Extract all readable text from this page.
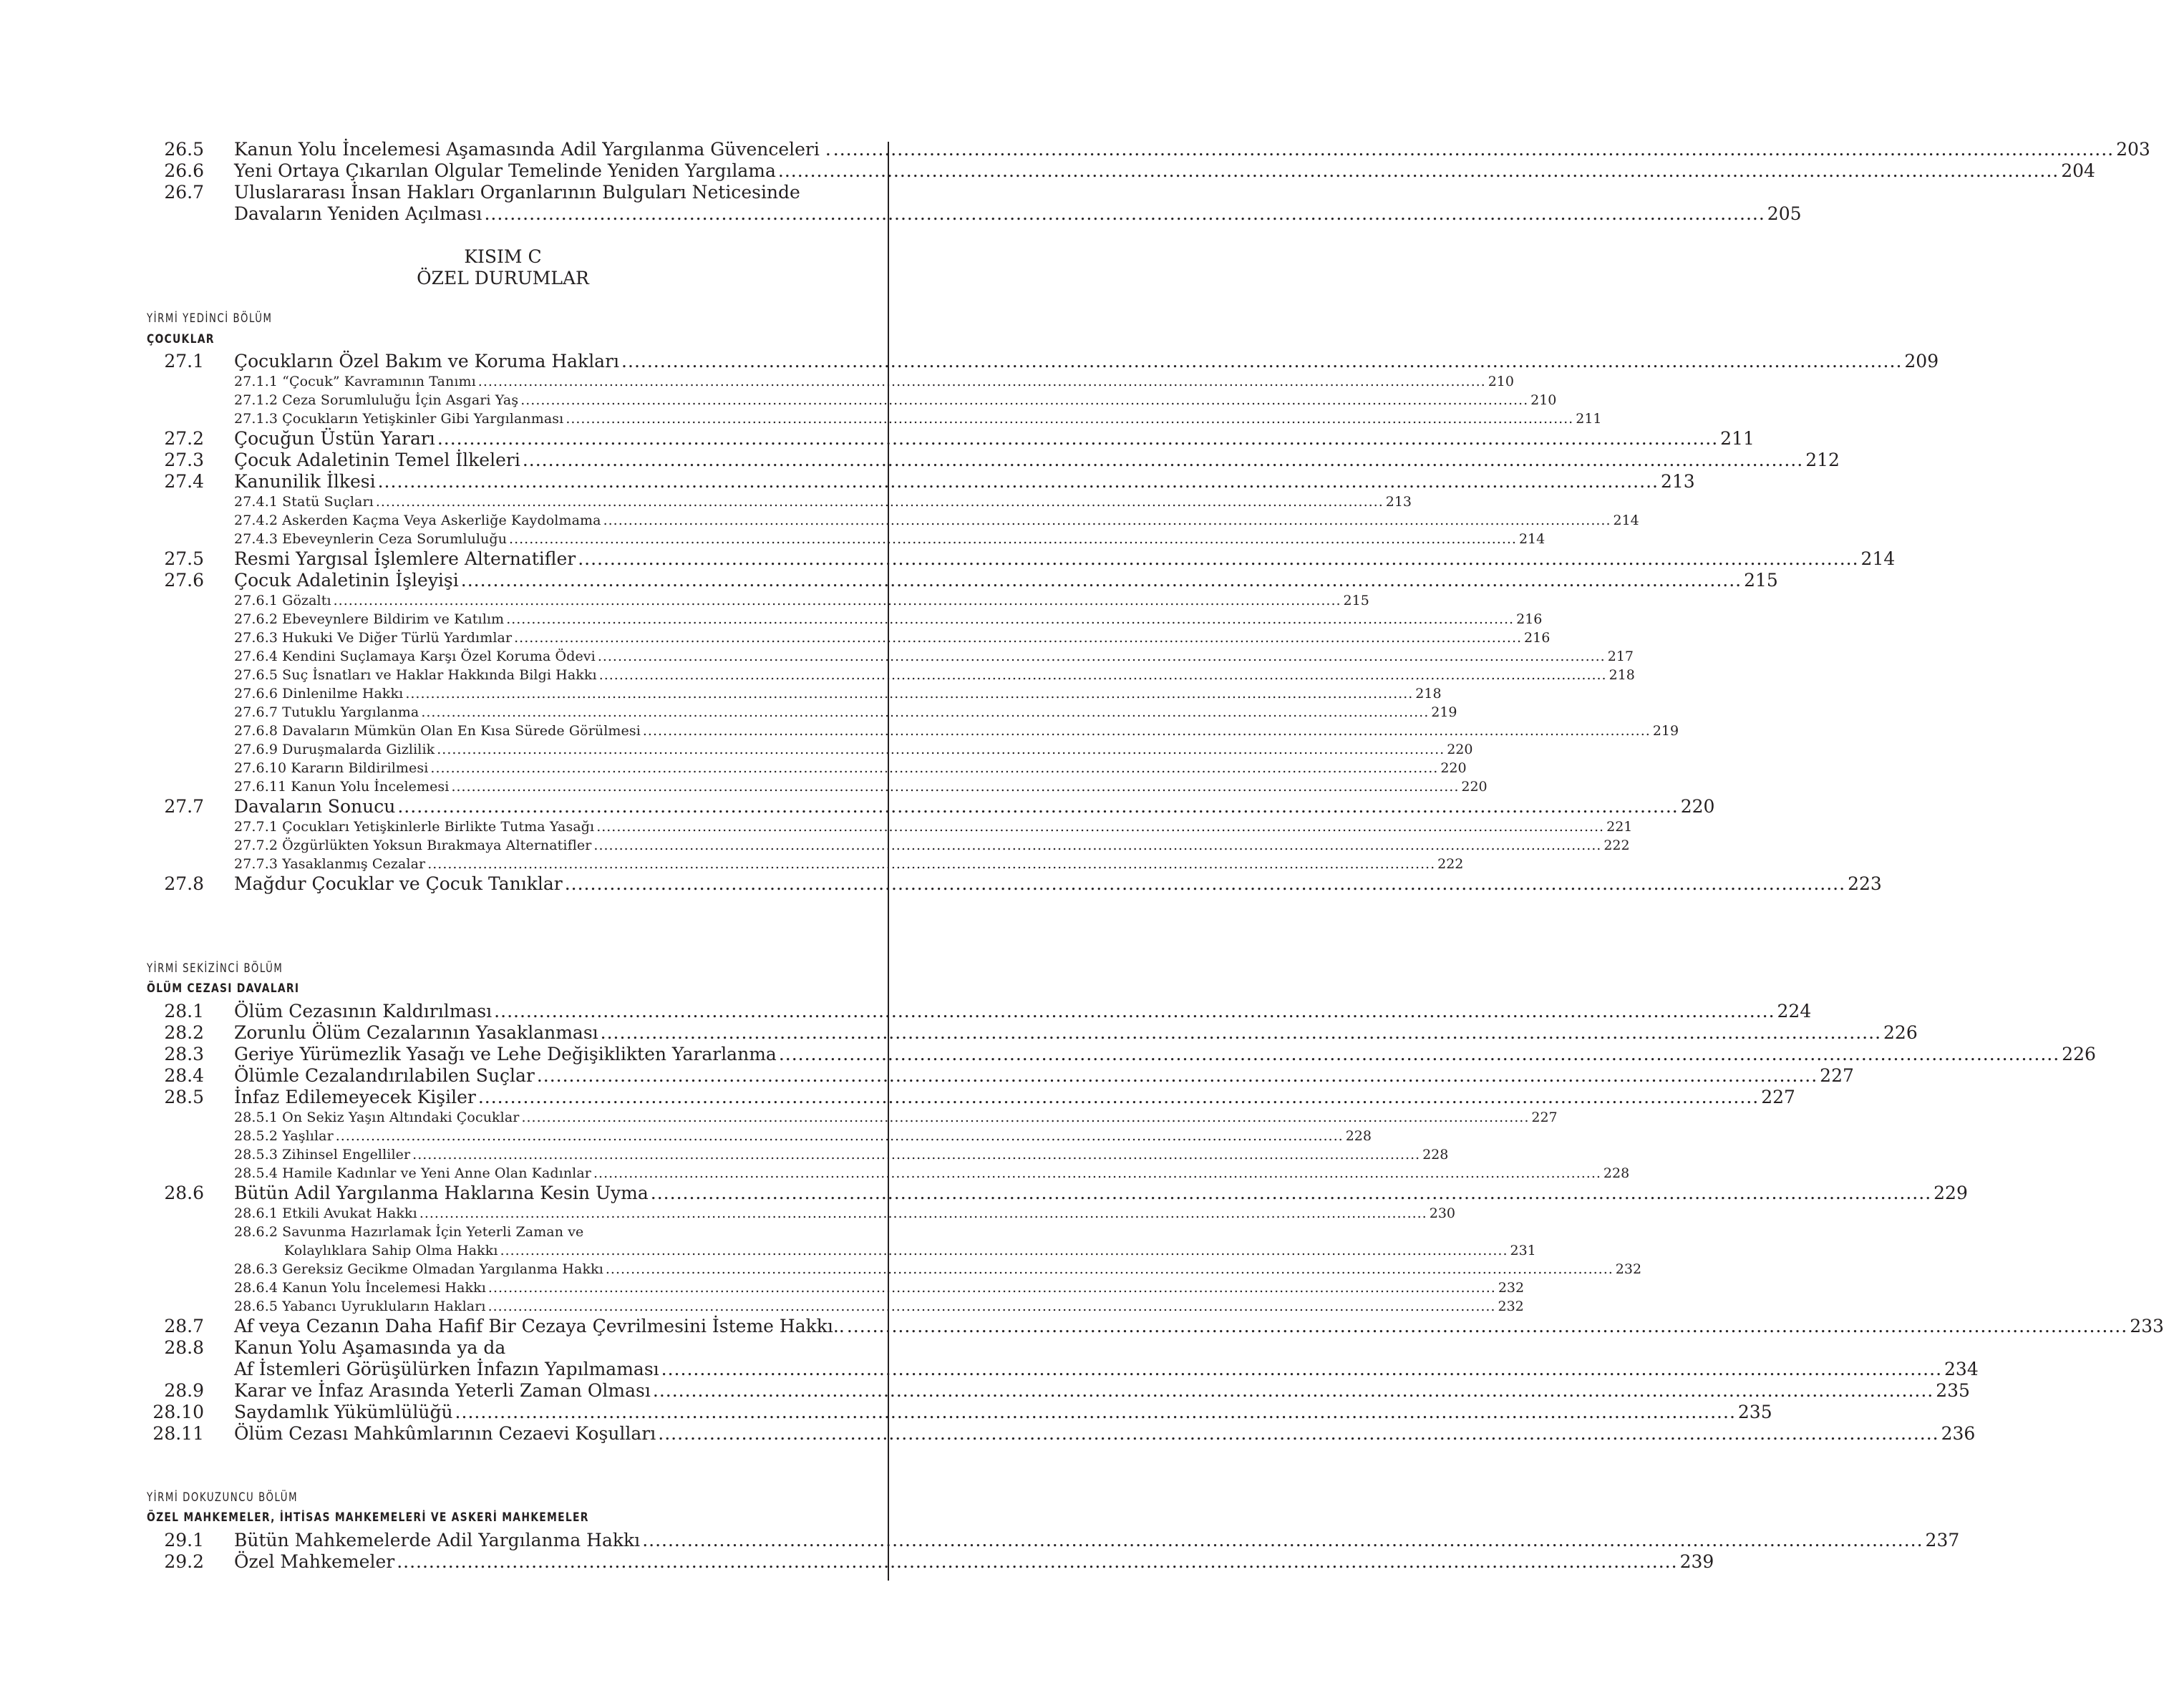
26.5 Kanun Yolu İncelemesi Aşamasında Adil Yargılanma Güvenceleri . .....	203
26.6 Yeni Ortaya Çıkarılan Olgular Temelinde Yeniden Yargılama .....	204
26.7 Uluslararası İnsan Hakları Organlarının Bulguları Neticesinde
Davaların Yeniden Açılması .....	205
KISIM C
ÖZEL DURUMLAR
YİRMİ YEDİNCİ BÖLÜM
ÇOCUKLAR
27.1 Çocukların Özel Bakım ve Koruma Hakları .....	209
27.1.1 “Çocuk” Kavramının Tanımı .....	210
27.1.2 Ceza Sorumluluğu İçin Asgari Yaş .....	210
27.1.3 Çocukların Yetişkinler Gibi Yargılanması .....	211
27.2 Çocuğun Üstün Yararı .....	211
27.3 Çocuk Adaletinin Temel İlkeleri .....	212
27.4 Kanunilik İlkesi .....	213
27.4.1 Statü Suçları .....	213
27.4.2 Askerden Kaçma Veya Askerliğe Kaydolmama .....	214
27.4.3 Ebeveynlerin Ceza Sorumluluğu .....	214
27.5 Resmi Yargısal İşlemlere Alternatifler .....	214
27.6 Çocuk Adaletinin İşleyişi .....	215
27.6.1 Gözaltı .....	215
27.6.2 Ebeveynlere Bildirim ve Katılım .....	216
27.6.3 Hukuki Ve Diğer Türlü Yardımlar .....	216
27.6.4 Kendini Suçlamaya Karşı Özel Koruma Ödevi .....	217
27.6.5 Suç İsnatları ve Haklar Hakkında Bilgi Hakkı .....	218
27.6.6 Dinlenilme Hakkı .....	218
27.6.7 Tutuklu Yargılanma .....	219
27.6.8 Davaların Mümkün Olan En Kısa Sürede Görülmesi .....	219
27.6.9 Duruşmalarda Gizlilik .....	220
27.6.10 Kararın Bildirilmesi .....	220
27.6.11 Kanun Yolu İncelemesi .....	220
27.7 Davaların Sonucu .....	220
27.7.1 Çocukları Yetişkinlerle Birlikte Tutma Yasağı .....	221
27.7.2 Özgürlükten Yoksun Bırakmaya Alternatifler .....	222
27.7.3 Yasaklanmış Cezalar .....	222
27.8 Mağdur Çocuklar ve Çocuk Tanıklar .....	223
YİRMİ SEKİZİNCİ BÖLÜM
ÖLÜM CEZASI DAVALARI
28.1 Ölüm Cezasının Kaldırılması .....	224
28.2 Zorunlu Ölüm Cezalarının Yasaklanması .....	226
28.3 Geriye Yürümezlik Yasağı ve Lehe Değişiklikten Yararlanma .....	226
28.4 Ölümle Cezalandırılabilen Suçlar .....	227
28.5 İnfaz Edilemeyecek Kişiler .....	227
28.5.1 On Sekiz Yaşın Altındaki Çocuklar .....	227
28.5.2 Yaşlılar .....	228
28.5.3 Zihinsel Engelliler .....	228
28.5.4 Hamile Kadınlar ve Yeni Anne Olan Kadınlar .....	228
28.6 Bütün Adil Yargılanma Haklarına Kesin Uyma .....	229
28.6.1 Etkili Avukat Hakkı .....	230
28.6.2 Savunma Hazırlamak İçin Yeterli Zaman ve
Kolaylıklara Sahip Olma Hakkı .....	231
28.6.3 Gereksiz Gecikme Olmadan Yargılanma Hakkı .....	232
28.6.4 Kanun Yolu İncelemesi Hakkı .....	232
28.6.5 Yabancı Uyrukluların Hakları .....	232
28.7 Af veya Cezanın Daha Hafif Bir Cezaya Çevrilmesini İsteme Hakkı.. .....	233
28.8 Kanun Yolu Aşamasında ya da
Af İstemleri Görüşülürken İnfazın Yapılmaması .....	234
28.9 Karar ve İnfaz Arasında Yeterli Zaman Olması .....	235
28.10 Saydamlık Yükümlülüğü .....	235
28.11 Ölüm Cezası Mahkûmlarının Cezaevi Koşulları .....	236
YİRMİ DOKUZUNCU BÖLÜM
ÖZEL MAHKEMELER, İHTİSAS MAHKEMELERİ VE ASKERİ MAHKEMELER
29.1 Bütün Mahkemelerde Adil Yargılanma Hakkı .....	237
29.2 Özel Mahkemeler .....	239
